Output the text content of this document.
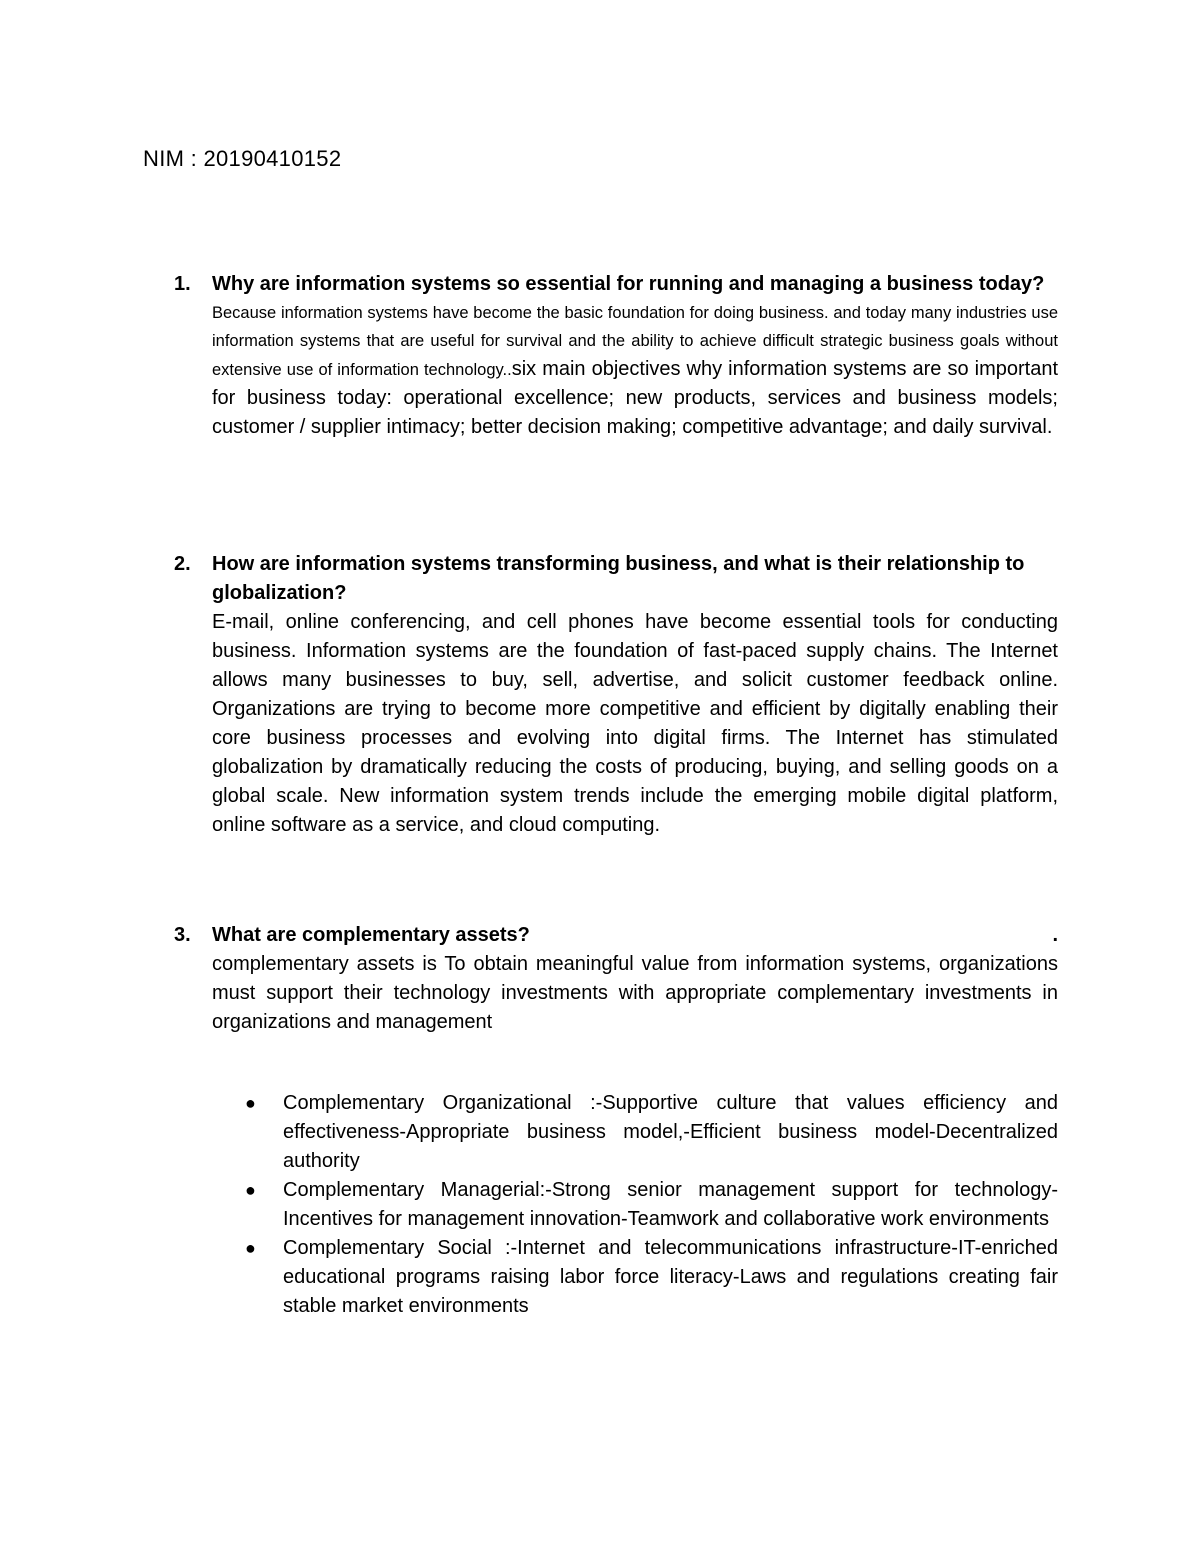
NIM : 20190410152
1.	Why are information systems so essential for running and managing a business today?
Because information systems have become the basic foundation for doing business. and today many industries use information systems that are useful for survival and the ability to achieve difficult strategic business goals without extensive use of information technology..six main objectives why information systems are so important for business today: operational excellence; new products, services and business models; customer / supplier intimacy; better decision making; competitive advantage; and daily survival.
2.	How are information systems transforming business, and what is their relationship to globalization?
E-mail, online conferencing, and cell phones have become essential tools for conducting business. Information systems are the foundation of fast-paced supply chains. The Internet allows many businesses to buy, sell, advertise, and solicit customer feedback online. Organizations are trying to become more competitive and efficient by digitally enabling their core business processes and evolving into digital firms. The Internet has stimulated globalization by dramatically reducing the costs of producing, buying, and selling goods on a global scale. New information system trends include the emerging mobile digital platform, online software as a service, and cloud computing.
3.	What are complementary assets?	.
complementary assets is To obtain meaningful value from information systems, organizations must support their technology investments with appropriate complementary investments in organizations and management
●	Complementary Organizational :-Supportive culture that values efficiency and effectiveness-Appropriate business model,-Efficient business model-Decentralized authority
●	Complementary Managerial:-Strong senior management support for technology-Incentives for management innovation-Teamwork and collaborative work environments
●	Complementary Social :-Internet and telecommunications infrastructure-IT-enriched educational programs raising labor force literacy-Laws and regulations creating fair stable market environments
